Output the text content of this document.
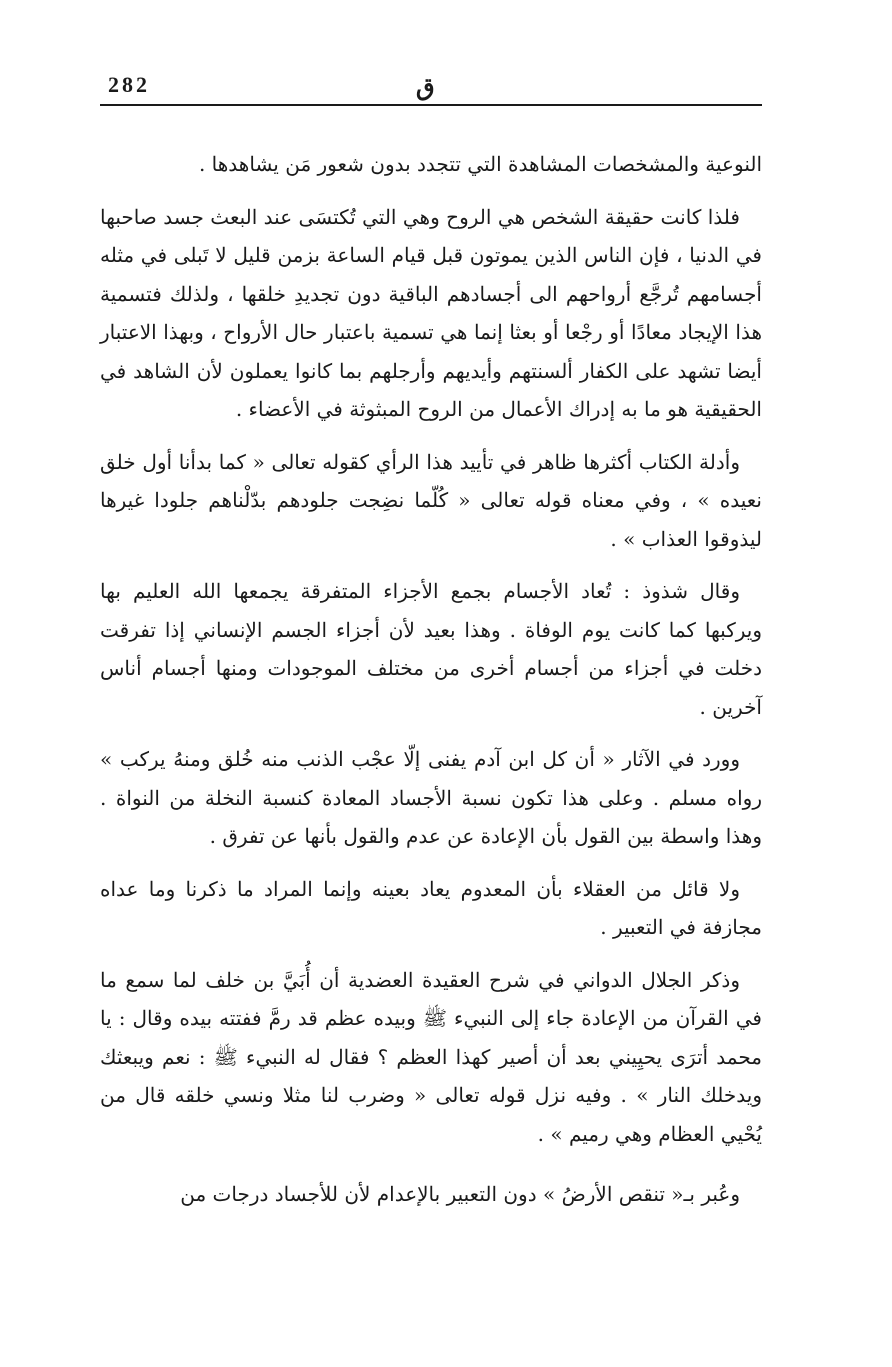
282	ق

النوعية والمشخصات المشاهدة التي تتجدد بدون شعور مَن يشاهدها .

فلذا كانت حقيقة الشخص هي الروح وهي التي تُكتسَى عند البعث جسد صاحبها في الدنيا ، فإن الناس الذين يموتون قبل قيام الساعة بزمن قليل لا تَبلى في مثله أجسامهم تُرجَّع أرواحهم الى أجسادهم الباقية دون تجديدِ خلقها ، ولذلك فتسمية هذا الإيجاد معادًا أو رجْعا أو بعثا إنما هي تسمية باعتبار حال الأرواح ، وبهذا الاعتبار أيضا تشهد على الكفار ألسنتهم وأيديهم وأرجلهم بما كانوا يعملون لأن الشاهد في الحقيقية هو ما به إدراك الأعمال من الروح المبثوثة في الأعضاء .

وأدلة الكتاب أكثرها ظاهر في تأييد هذا الرأي كقوله تعالى « كما بدأنا أول خلق نعيده » ، وفي معناه قوله تعالى « كُلّما نضِجت جلودهم بدّلْناهم جلودا غيرها ليذوقوا العذاب » .

وقال شذوذ : تُعاد الأجسام بجمع الأجزاء المتفرقة يجمعها الله العليم بها ويركبها كما كانت يوم الوفاة . وهذا بعيد لأن أجزاء الجسم الإنساني إذا تفرقت دخلت في أجزاء من أجسام أخرى من مختلف الموجودات ومنها أجسام أناس آخرين .

وورد في الآثار « أن كل ابن آدم يفنى إلّا عجْب الذنب منه خُلق ومنهُ يركب » رواه مسلم . وعلى هذا تكون نسبة الأجساد المعادة كنسبة النخلة من النواة . وهذا واسطة بين القول بأن الإعادة عن عدم والقول بأنها عن تفرق .

ولا قائل من العقلاء بأن المعدوم يعاد بعينه وإنما المراد ما ذكرنا وما عداه مجازفة في التعبير .

وذكر الجلال الدواني في شرح العقيدة العضدية أن أُبَيَّ بن خلف لما سمع ما في القرآن من الإعادة جاء إلى النبيء ﷺ وبيده عظم قد رمَّ ففتته بيده وقال : يا محمد أترَى يحيِيني بعد أن أصير كهذا العظم ؟ فقال له النبيء ﷺ : نعم ويبعثك ويدخلك النار » . وفيه نزل قوله تعالى « وضرب لنا مثلا ونسي خلقه قال من يُحْيي العظام وهي رميم » .

وعُبر بـ« تنقص الأرضُ » دون التعبير بالإعدام لأن للأجساد درجات من
